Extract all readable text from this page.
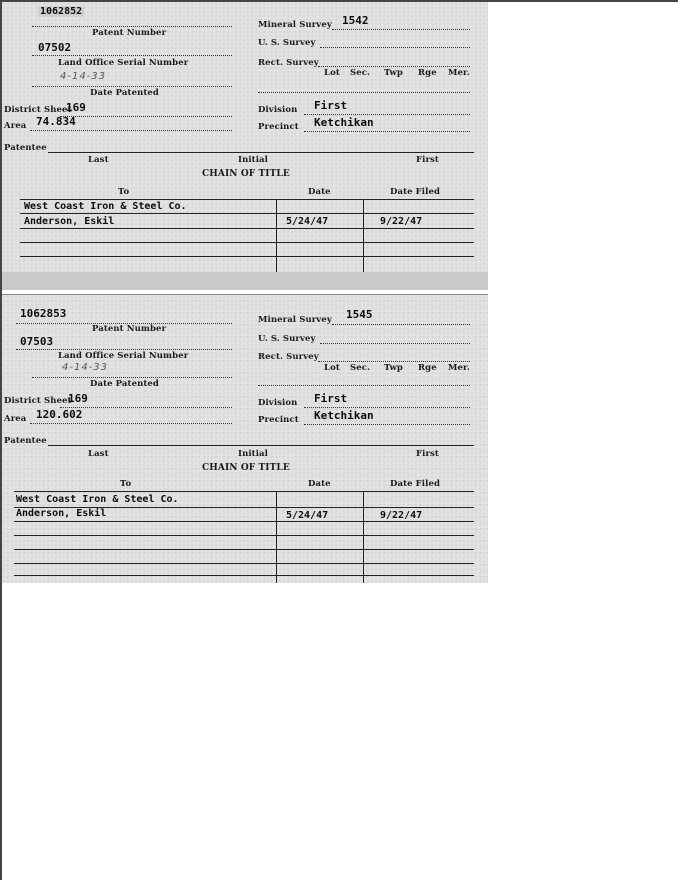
1062852
Patent Number
07502
Land Office Serial Number
4-14-33
Date Patented
District Sheet
169
Area 74.834
Mineral Survey 1542
U. S. Survey
Rect. Survey
Lot Sec. Twp Rge Mer.
Division First
Precinct Ketchikan
Patentee
Last	Initial	First
CHAIN OF TITLE
To	Date	Date Filed
West Coast Iron & Steel Co.
Anderson, Eskil	5/24/47	9/22/47
1062853
Patent Number
07503
Land Office Serial Number
4-14-33
Date Patented
District Sheet
169
Area 120.602
Mineral Survey 1545
U. S. Survey
Rect. Survey
Lot Sec. Twp Rge Mer.
Division First
Precinct Ketchikan
Patentee
Last	Initial	First
CHAIN OF TITLE
To	Date	Date Filed
West Coast Iron & Steel Co.
Anderson, Eskil	5/24/47	9/22/47
